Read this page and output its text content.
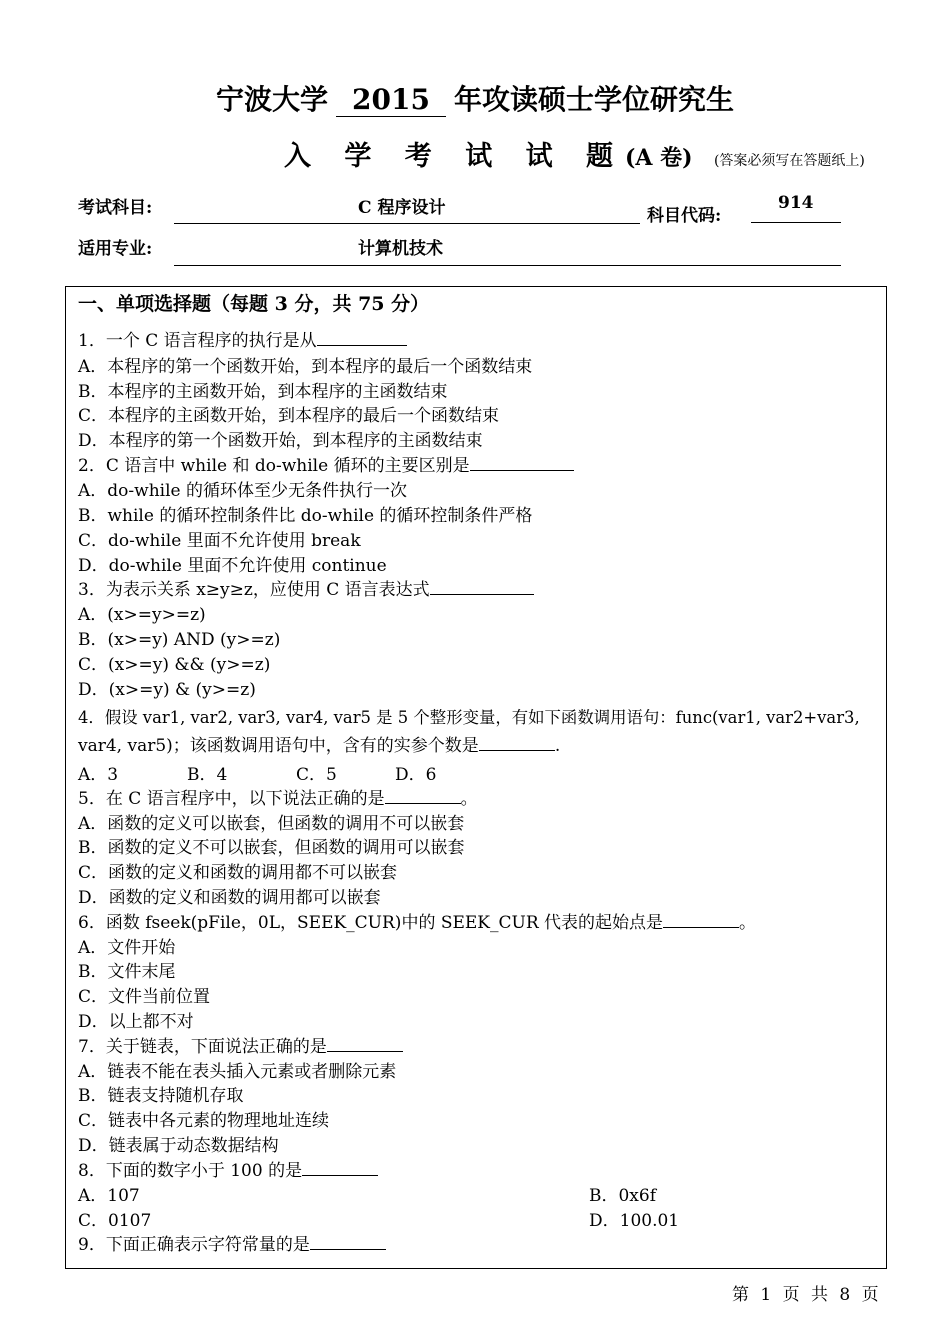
宁波大学 2015 年攻读硕士学位研究生
入 学 考 试 试 题(A 卷) (答案必须写在答题纸上)
考试科目:	C 程序设计	科目代码:
914
适用专业:	计算机技术
一、单项选择题（每题 3 分，共 75 分）
1．一个 C 语言程序的执行是从
A．本程序的第一个函数开始，到本程序的最后一个函数结束
B．本程序的主函数开始，到本程序的主函数结束
C．本程序的主函数开始，到本程序的最后一个函数结束
D．本程序的第一个函数开始，到本程序的主函数结束
2．C 语言中 while 和 do-while 循环的主要区别是
A．do-while 的循环体至少无条件执行一次
B．while 的循环控制条件比 do-while 的循环控制条件严格
C．do-while 里面不允许使用 break
D．do-while 里面不允许使用 continue
3．为表示关系 x≥y≥z，应使用 C 语言表达式
A．(x>=y>=z)
B．(x>=y) AND (y>=z)
C．(x>=y) && (y>=z)
D．(x>=y) & (y>=z)
4．假设 var1, var2, var3, var4, var5 是 5 个整形变量，有如下函数调用语句：func(var1, var2+var3,
var4, var5)；该函数调用语句中，含有的实参个数是	.
A．3	B．4	C．5	D．6
5．在 C 语言程序中，以下说法正确的是	。
A．函数的定义可以嵌套，但函数的调用不可以嵌套
B．函数的定义不可以嵌套，但函数的调用可以嵌套
C．函数的定义和函数的调用都不可以嵌套
D．函数的定义和函数的调用都可以嵌套
6．函数 fseek(pFile，0L，SEEK_CUR)中的 SEEK_CUR 代表的起始点是	。
A．文件开始
B．文件末尾
C．文件当前位置
D．以上都不对
7．关于链表，下面说法正确的是
A．链表不能在表头插入元素或者删除元素
B．链表支持随机存取
C．链表中各元素的物理地址连续
D．链表属于动态数据结构
8．下面的数字小于 100 的是
A．107	B．0x6f
C．0107	D．100.01
9．下面正确表示字符常量的是
第 1 页 共 8 页
